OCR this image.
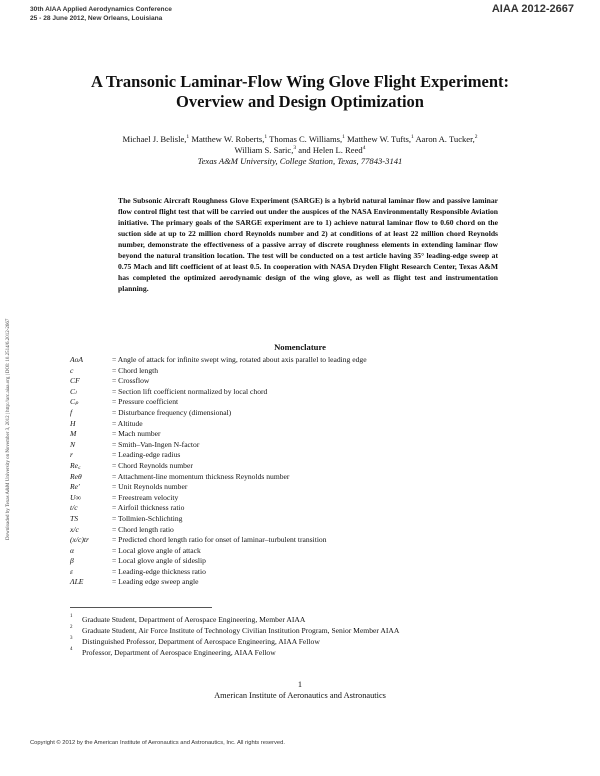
30th AIAA Applied Aerodynamics Conference
25 - 28 June 2012, New Orleans, Louisiana
AIAA 2012-2667
Downloaded by Texas A&M University on November 3, 2012 | http://arc.aiaa.org | DOI: 10.2514/6.2012-2667
A Transonic Laminar-Flow Wing Glove Flight Experiment:
Overview and Design Optimization
Michael J. Belisle,$^1$ Matthew W. Roberts,$^1$ Thomas C. Williams,$^1$ Matthew W. Tufts,$^1$ Aaron A. Tucker,$^2$
William S. Saric,$^3$ and Helen L. Reed$^4$
Texas A&M University, College Station, Texas, 77843-3141

The Subsonic Aircraft Roughness Glove Experiment (SARGE) is a hybrid natural laminar flow and passive laminar flow control flight test that will be carried out under the auspices of the NASA Environmentally Responsible Aviation initiative. The primary goals of the SARGE experiment are to 1) achieve natural laminar flow to 0.60 chord on the suction side at up to 22 million chord Reynolds number and 2) at conditions of at least 22 million chord Reynolds number, demonstrate the effectiveness of a passive array of discrete roughness elements in extending laminar flow beyond the natural transition location. The test will be conducted on a test article having 35° leading-edge sweep at 0.75 Mach and lift coefficient of at least 0.5. In cooperation with NASA Dryden Flight Research Center, Texas A&M has completed the optimized aerodynamic design of the wing glove, as well as flight test and instrumentation planning.

Nomenclature
AoA	= Angle of attack for infinite swept wing, rotated about axis parallel to leading edge
c	= Chord length
CF	= Crossflow
Cₗ	= Section lift coefficient normalized by local chord
Cₚ	= Pressure coefficient
f	= Disturbance frequency (dimensional)
H	= Altitude
M	= Mach number
N	= Smith–Van-Ingen N-factor
r	= Leading-edge radius
Re꜀	= Chord Reynolds number
Reθ	= Attachment-line momentum thickness Reynolds number
Re′	= Unit Reynolds number
U∞	= Freestream velocity
t/c	= Airfoil thickness ratio
TS	= Tollmien-Schlichting
x/c	= Chord length ratio
(x/c)tr	= Predicted chord length ratio for onset of laminar–turbulent transition
α	= Local glove angle of attack
β	= Local glove angle of sideslip
ε	= Leading-edge thickness ratio
ΛLE	= Leading edge sweep angle
1 Graduate Student, Department of Aerospace Engineering, Member AIAA
2 Graduate Student, Air Force Institute of Technology Civilian Institution Program, Senior Member AIAA
3 Distinguished Professor, Department of Aerospace Engineering, AIAA Fellow
4 Professor, Department of Aerospace Engineering, AIAA Fellow
1
American Institute of Aeronautics and Astronautics
Copyright © 2012 by the American Institute of Aeronautics and Astronautics, Inc. All rights reserved.
